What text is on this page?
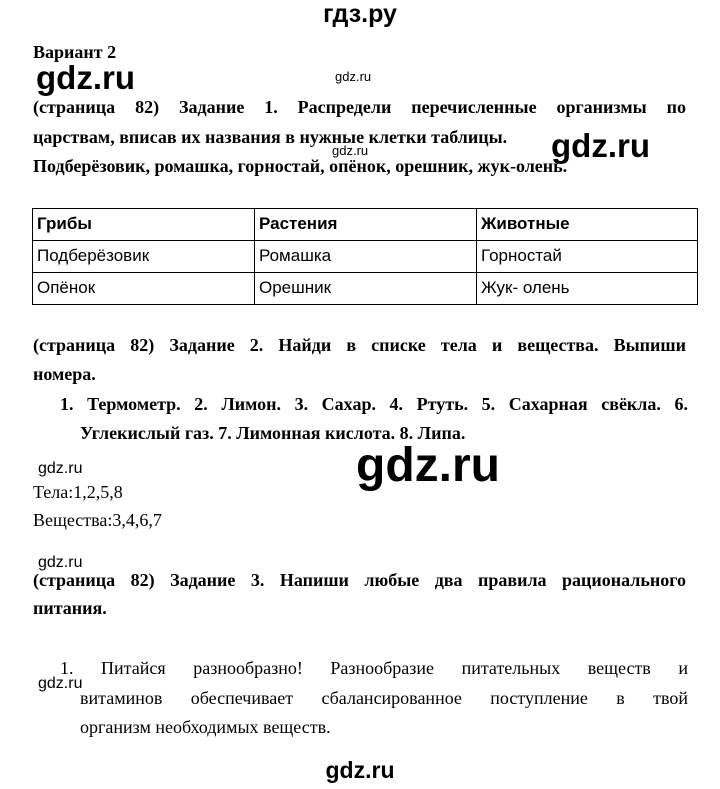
гдз.ру
Вариант 2
gdz.ru	gdz.ru
(страница 82) Задание 1. Распредели перечисленные организмы по
царствам, вписав их названия в нужные клетки таблицы. gdz.ru
gdz.ru
Подберёзовик, ромашка, горностай, опёнок, орешник, жук-олень.
Грибы	Растения	Животные
Подберёзовик	Ромашка	Горностай
Опёнок	Орешник	Жук- олень
(страница 82) Задание 2. Найди в списке тела и вещества. Выпиши
номера.
1. Термометр. 2. Лимон. 3. Сахар. 4. Ртуть. 5. Сахарная свёкла. 6.
Углекислый газ. 7. Лимонная кислота. 8. Липа.
gdz.ru
gdz.ru
Тела:1,2,5,8
Вещества:3,4,6,7
gdz.ru
(страница 82) Задание 3. Напиши любые два правила рационального
питания.
1. Питайся разнообразно! Разнообразие питательных веществ и
gdz.ru
витаминов обеспечивает сбалансированное поступление в твой
организм необходимых веществ.
gdz.ru
